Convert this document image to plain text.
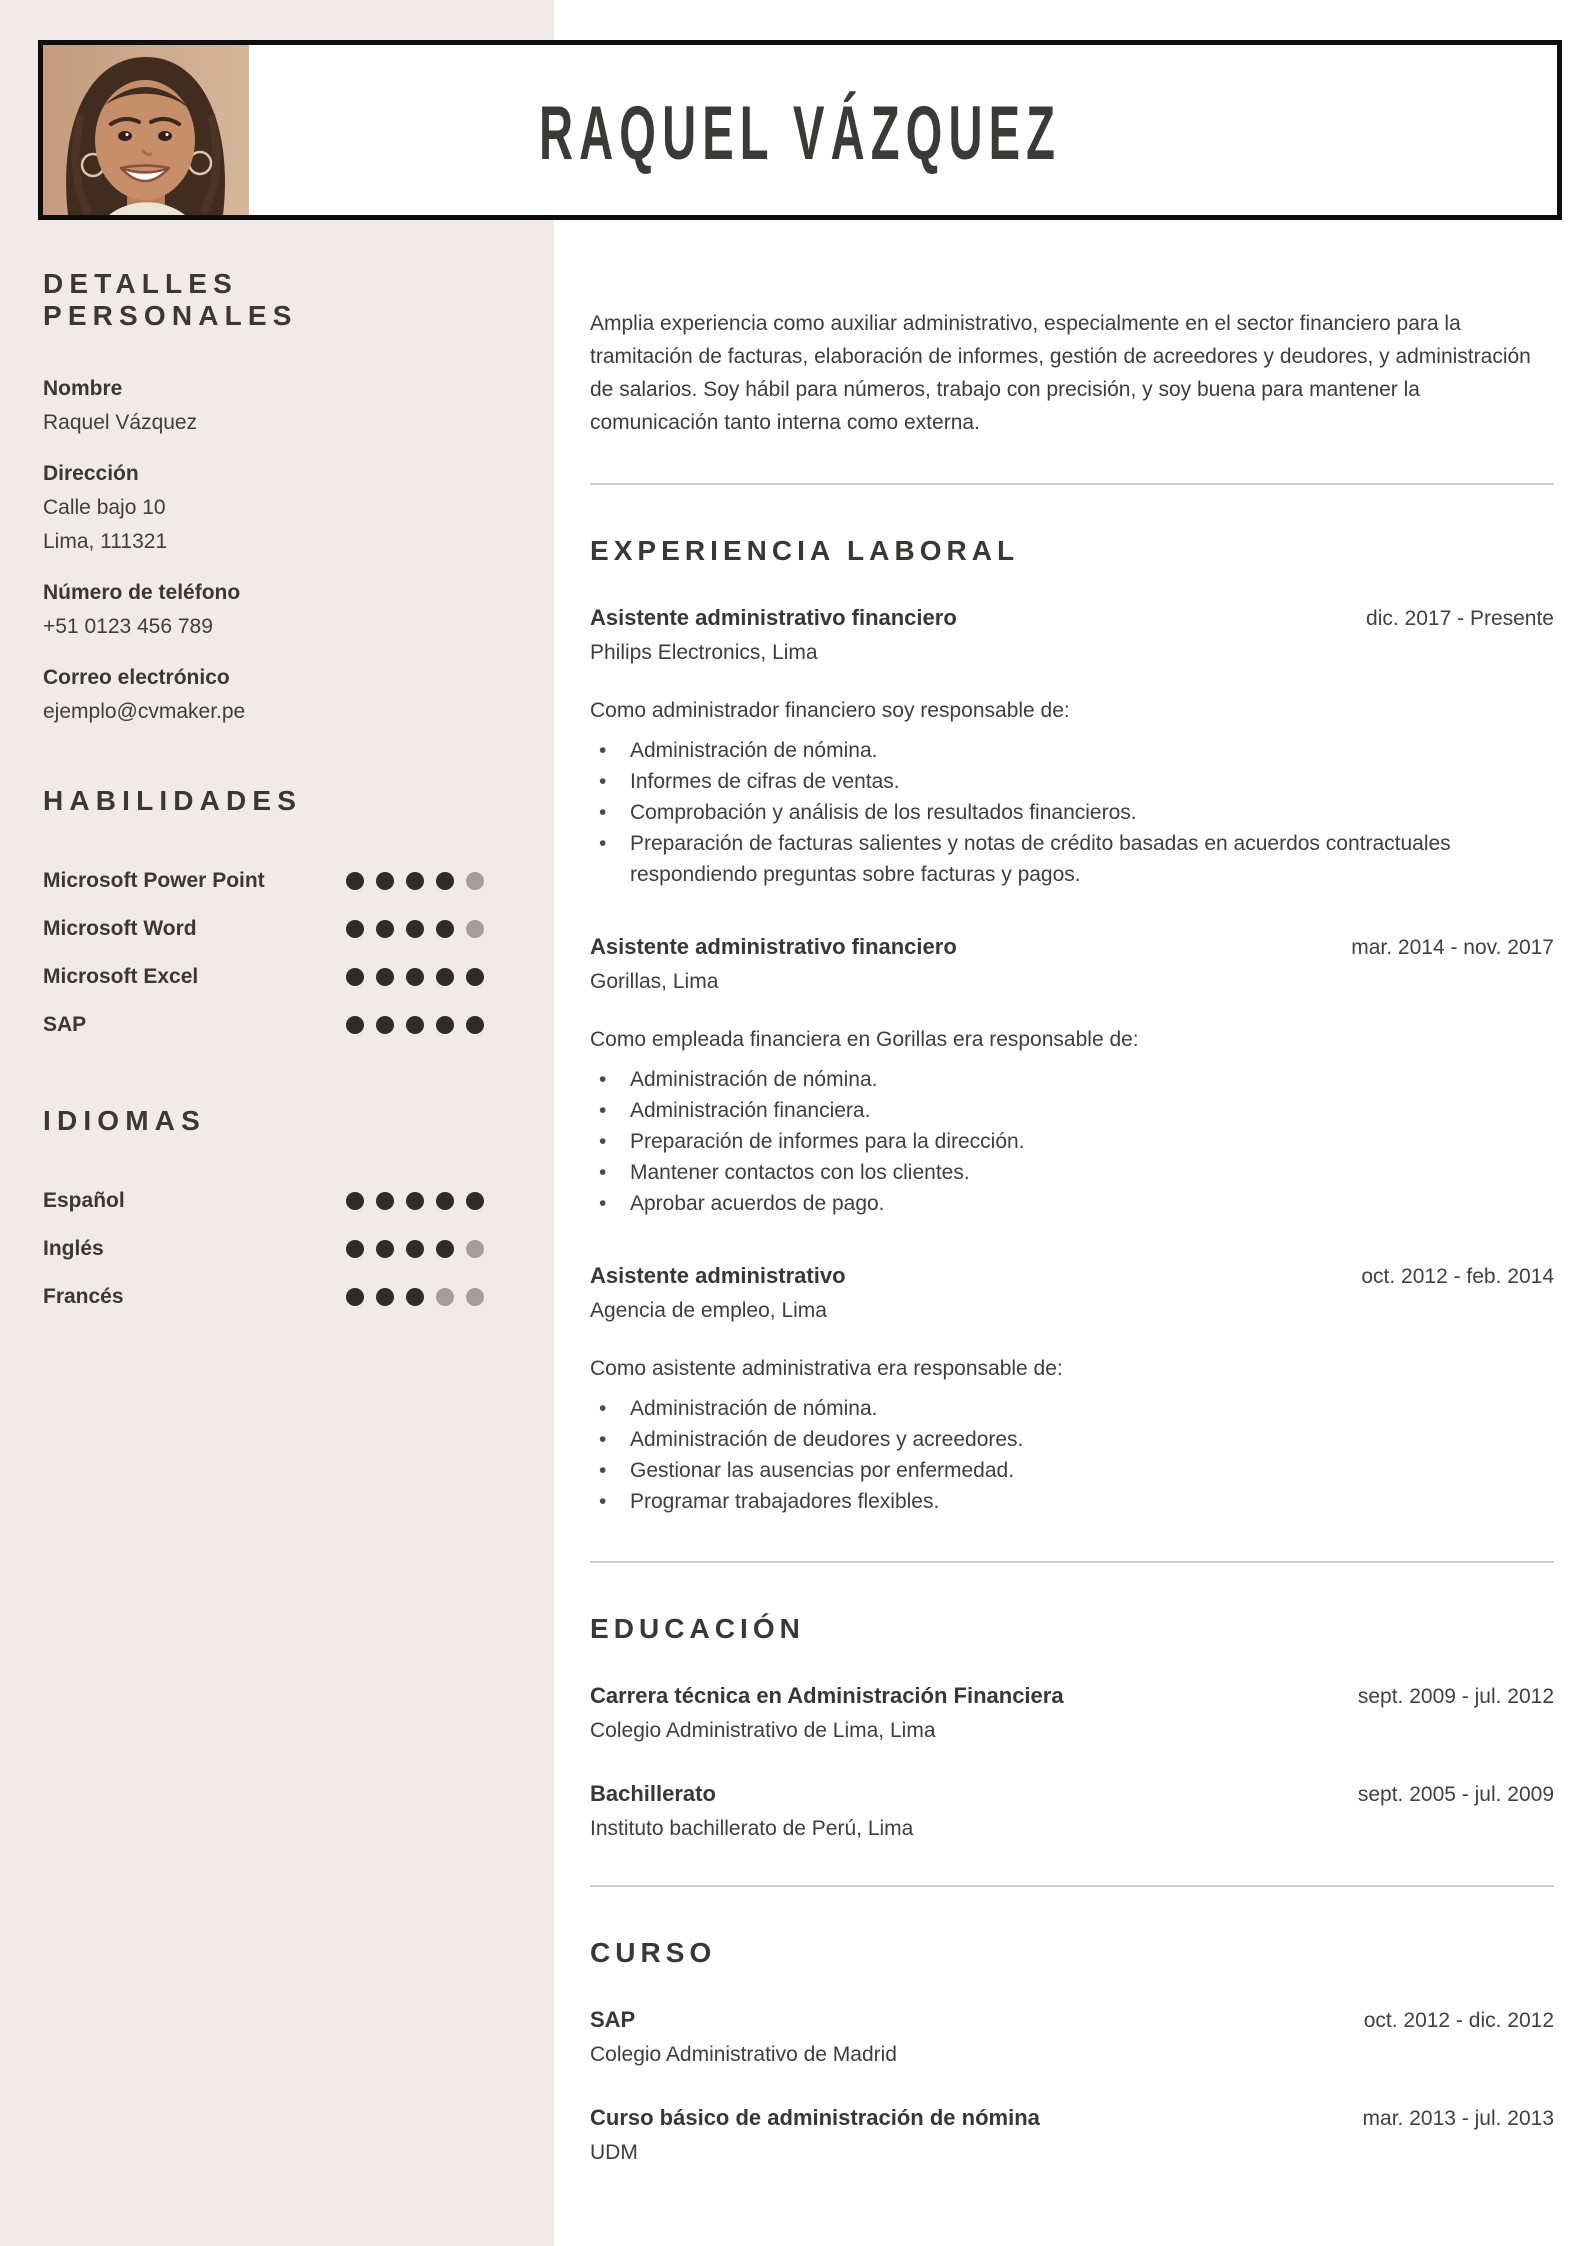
DETALLES PERSONALES
Nombre
Raquel Vázquez
Dirección
Calle bajo 10
Lima, 111321
Número de teléfono
+51 0123 456 789
Correo electrónico
ejemplo@cvmaker.pe
HABILIDADES
Microsoft Power Point
Microsoft Word
Microsoft Excel
SAP
IDIOMAS
Español
Inglés
Francés
RAQUEL VÁZQUEZ

Amplia experiencia como auxiliar administrativo, especialmente en el sector financiero para la tramitación de facturas, elaboración de informes, gestión de acreedores y deudores, y administración de salarios. Soy hábil para números, trabajo con precisión, y soy buena para mantener la comunicación tanto interna como externa.

EXPERIENCIA LABORAL
Asistente administrativo financiero	dic. 2017 - Presente
Philips Electronics, Lima
Como administrador financiero soy responsable de:
• Administración de nómina.
• Informes de cifras de ventas.
• Comprobación y análisis de los resultados financieros.
• Preparación de facturas salientes y notas de crédito basadas en acuerdos contractuales respondiendo preguntas sobre facturas y pagos.
Asistente administrativo financiero	mar. 2014 - nov. 2017
Gorillas, Lima
Como empleada financiera en Gorillas era responsable de:
• Administración de nómina.
• Administración financiera.
• Preparación de informes para la dirección.
• Mantener contactos con los clientes.
• Aprobar acuerdos de pago.
Asistente administrativo	oct. 2012 - feb. 2014
Agencia de empleo, Lima
Como asistente administrativa era responsable de:
• Administración de nómina.
• Administración de deudores y acreedores.
• Gestionar las ausencias por enfermedad.
• Programar trabajadores flexibles.
EDUCACIÓN
Carrera técnica en Administración Financiera	sept. 2009 - jul. 2012
Colegio Administrativo de Lima, Lima
Bachillerato	sept. 2005 - jul. 2009
Instituto bachillerato de Perú, Lima
CURSO
SAP	oct. 2012 - dic. 2012
Colegio Administrativo de Madrid
Curso básico de administración de nómina	mar. 2013 - jul. 2013
UDM
